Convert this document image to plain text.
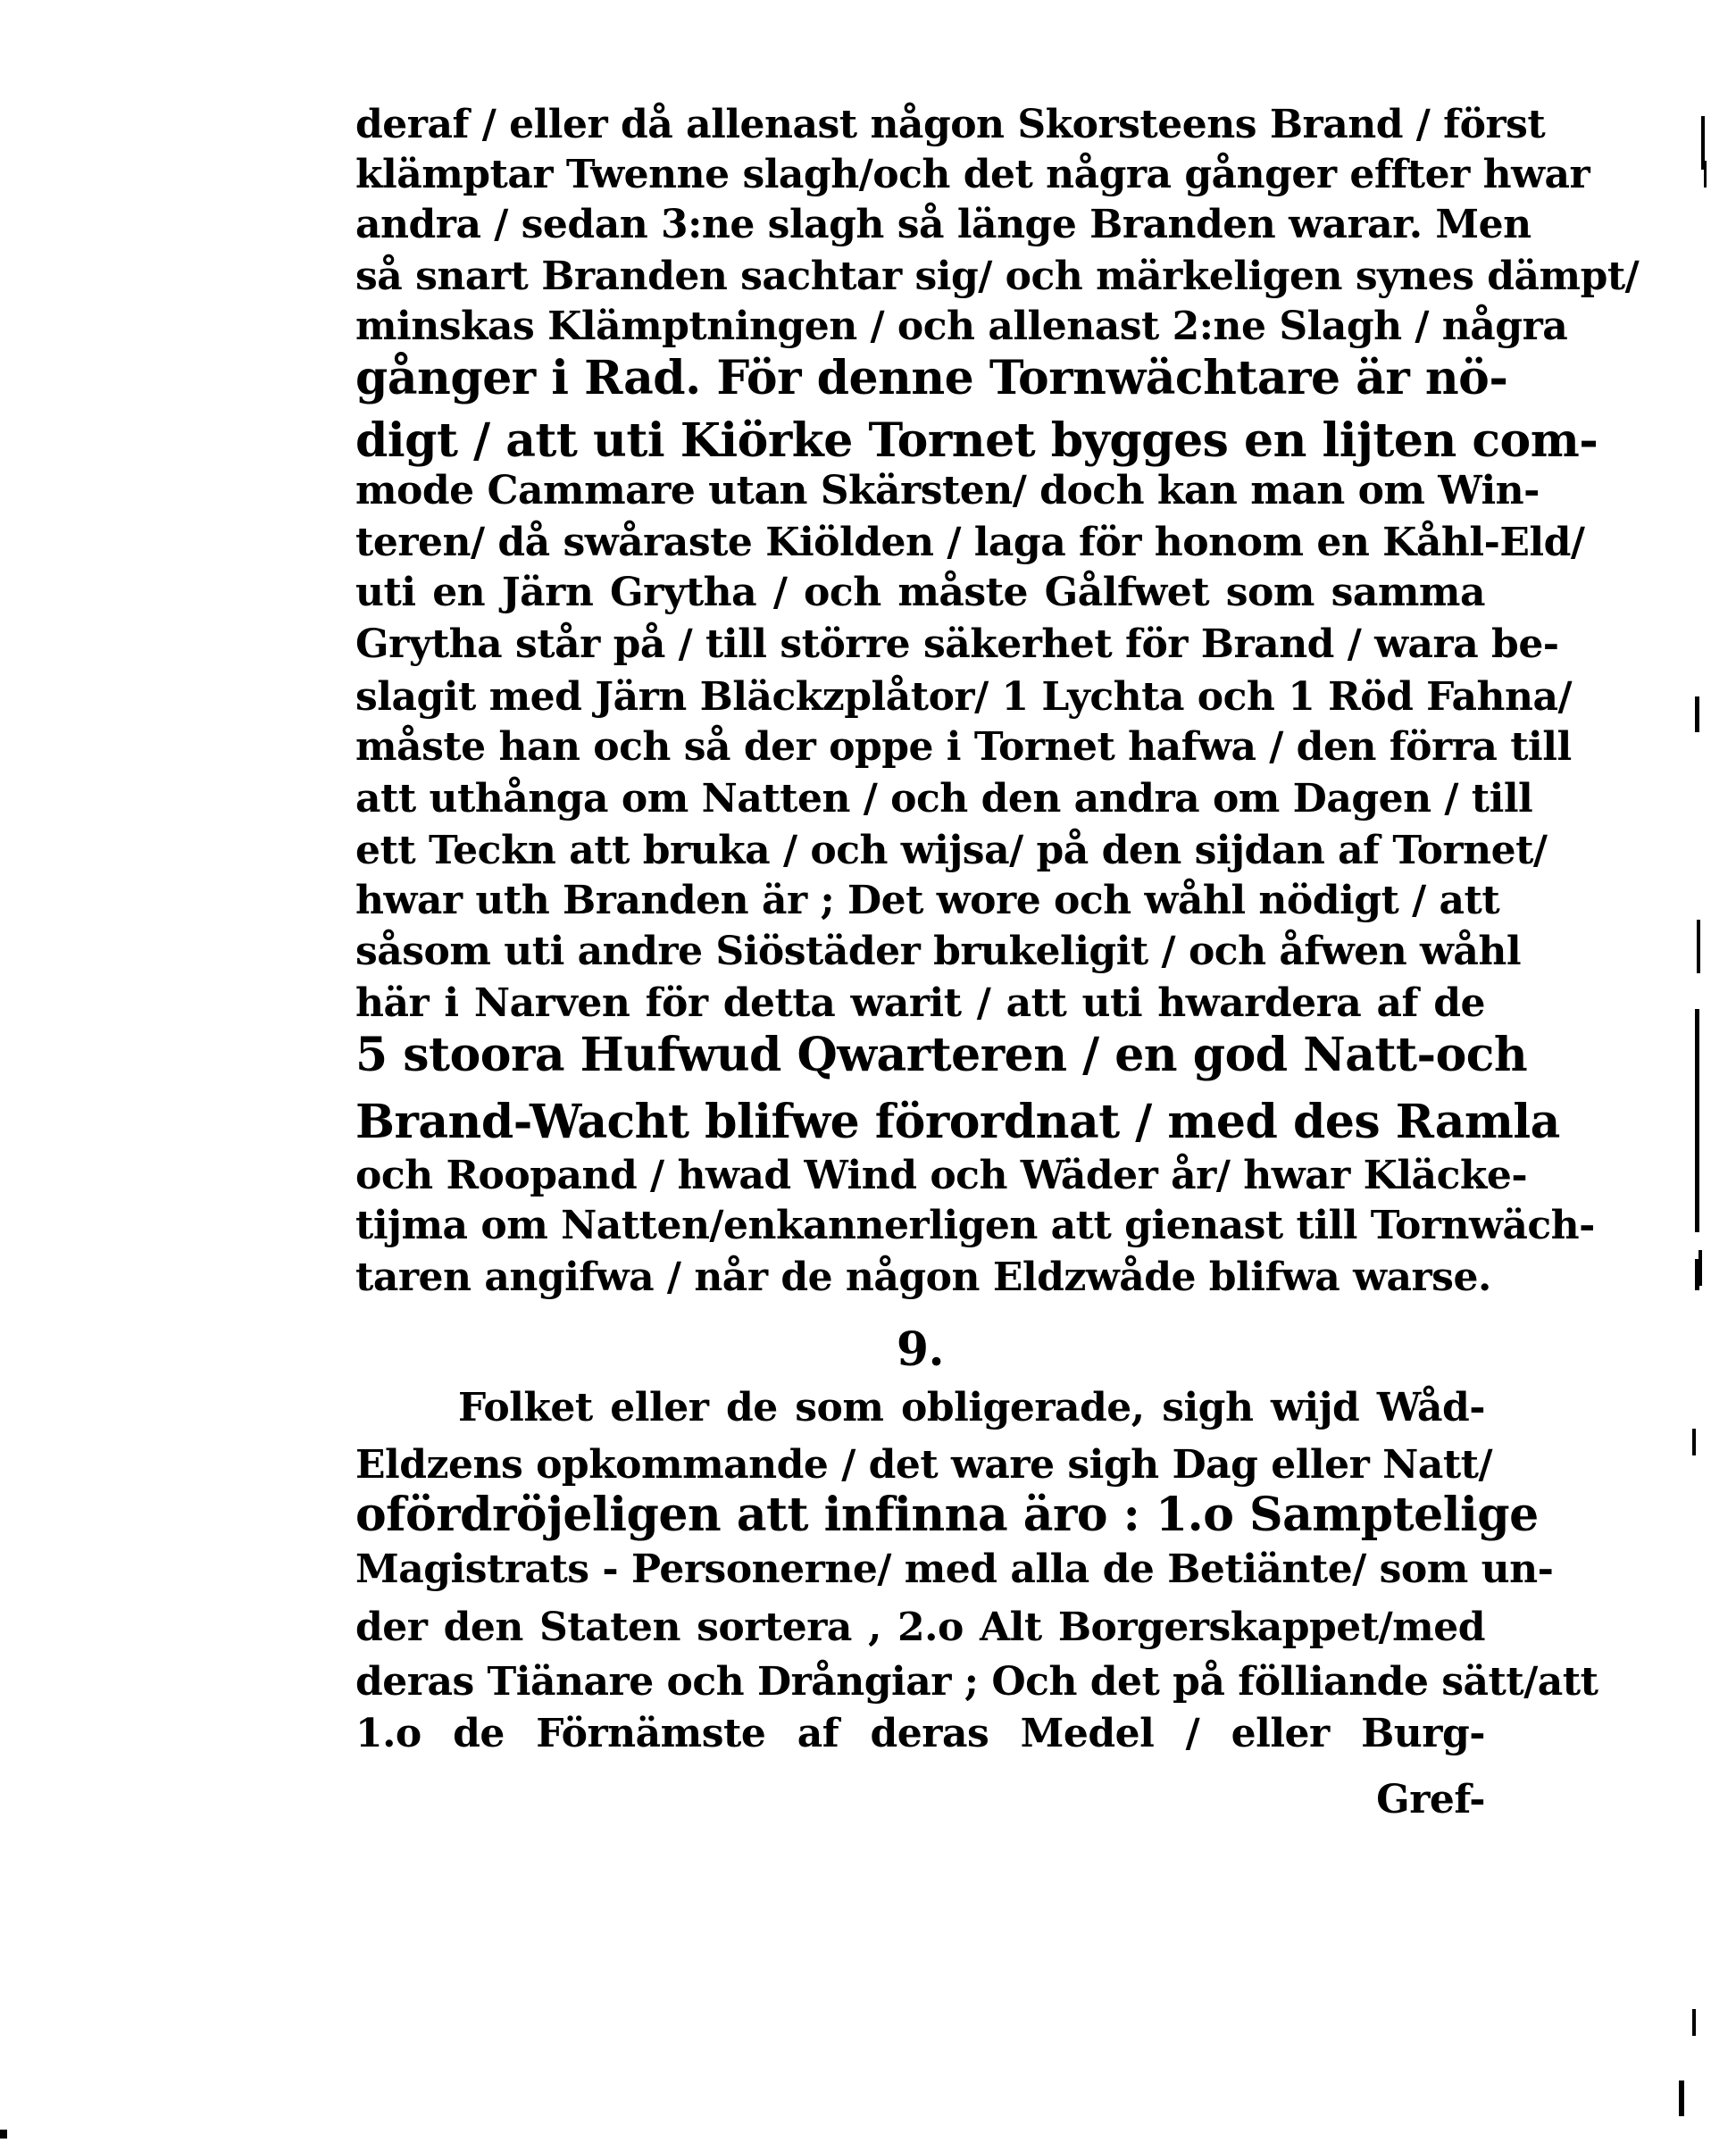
deraf / eller då allenast någon Skorsteens Brand / först
klämptar Twenne slagh/och det några gånger effter hwar
andra / sedan 3:ne slagh så länge Branden warar. Men
så snart Branden sachtar sig/ och märkeligen synes dämpt/
minskas Klämptningen / och allenast 2:ne Slagh / några
gånger i Rad. För denne Tornwächtare är nö-
digt / att uti Kiörke Tornet bygges en lijten com-
mode Cammare utan Skärsten/ doch kan man om Win-
teren/ då swåraste Kiölden / laga för honom en Kåhl-Eld/
uti en Järn Grytha / och måste Gålfwet som samma
Grytha står på / till större säkerhet för Brand / wara be-
slagit med Järn Bläckzplåtor/ 1 Lychta och 1 Röd Fahna/
måste han och så der oppe i Tornet hafwa / den förra till
att uthånga om Natten / och den andra om Dagen / till
ett Teckn att bruka / och wijsa/ på den sijdan af Tornet/
hwar uth Branden är ; Det wore och wåhl nödigt / att
såsom uti andre Siöstäder brukeligit / och åfwen wåhl
här i Narven för detta warit / att uti hwardera af de
5 stoora Hufwud Qwarteren / en god Natt-och
Brand-Wacht blifwe förordnat / med des Ramla
och Roopand / hwad Wind och Wäder år/ hwar Kläcke-
tijma om Natten/enkannerligen att gienast till Tornwäch-
taren angifwa / når de någon Eldzwåde blifwa warse.
9.
Folket eller de som obligerade, sigh wijd Wåd-
Eldzens opkommande / det ware sigh Dag eller Natt/
ofördröjeligen att infinna äro : 1.o Samptelige
Magistrats - Personerne/ med alla de Betiänte/ som un-
der den Staten sortera , 2.o Alt Borgerskappet/med
deras Tiänare och Drångiar ; Och det på fölliande sätt/att
1.o de Förnämste af deras Medel / eller Burg-
Gref-
